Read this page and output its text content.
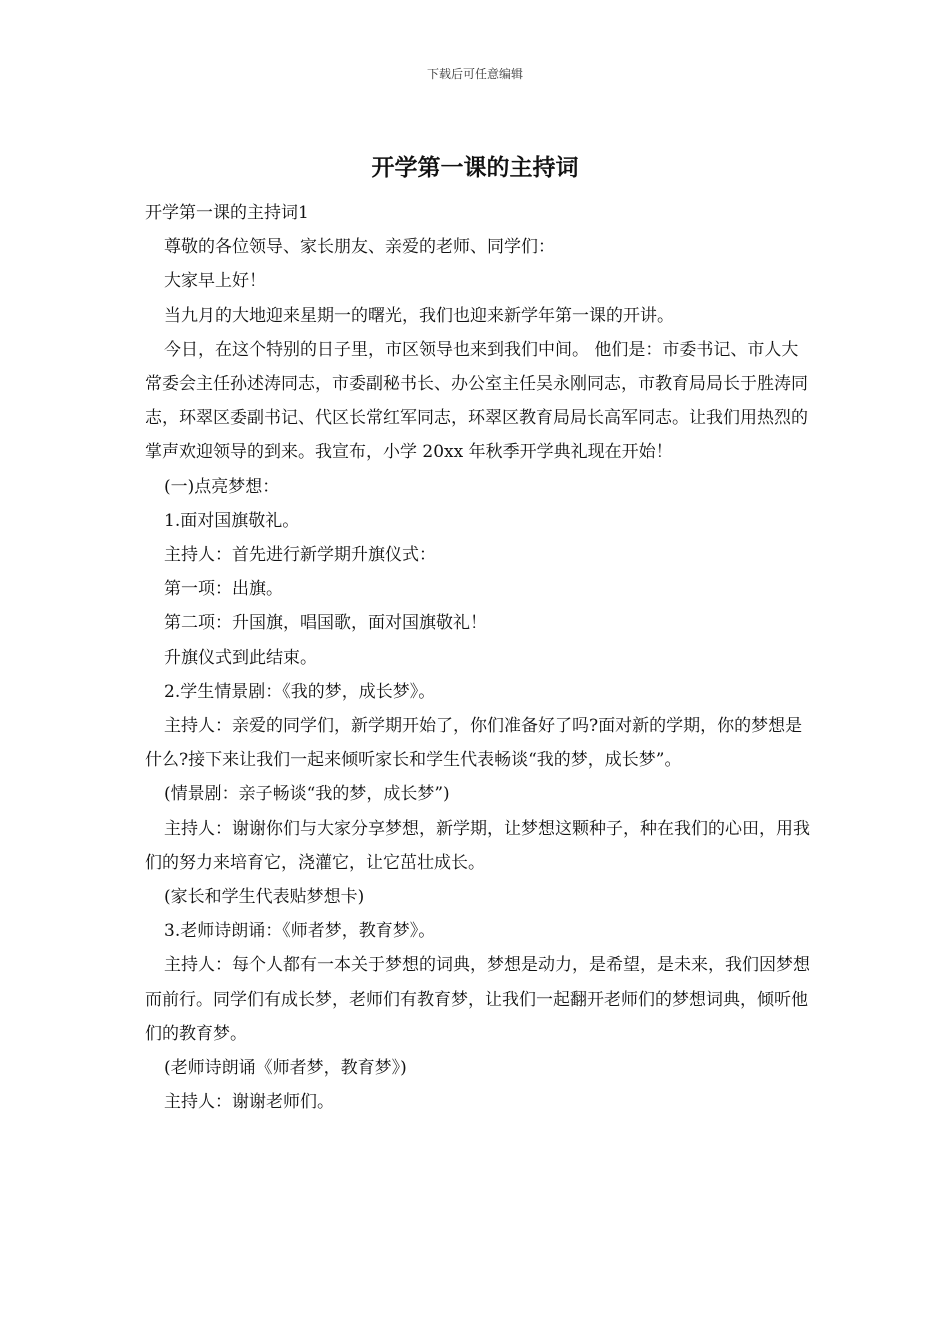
下载后可任意编辑
开学第一课的主持词

开学第一课的主持词1

尊敬的各位领导、家长朋友、亲爱的老师、同学们：

大家早上好！

当九月的大地迎来星期一的曙光，我们也迎来新学年第一课的开讲。

今日，在这个特别的日子里，市区领导也来到我们中间。 他们是：市委书记、市人大常委会主任孙述涛同志，市委副秘书长、办公室主任吴永刚同志，市教育局局长于胜涛同志，环翠区委副书记、代区长常红军同志，环翠区教育局局长高军同志。让我们用热烈的掌声欢迎领导的到来。我宣布，小学 20xx 年秋季开学典礼现在开始！

(一)点亮梦想：

1.面对国旗敬礼。

主持人：首先进行新学期升旗仪式：

第一项：出旗。

第二项：升国旗，唱国歌，面对国旗敬礼！

升旗仪式到此结束。

2.学生情景剧：《我的梦，成长梦》。

主持人：亲爱的同学们，新学期开始了，你们准备好了吗?面对新的学期，你的梦想是什么?接下来让我们一起来倾听家长和学生代表畅谈“我的梦，成长梦”。

(情景剧：亲子畅谈“我的梦，成长梦”)

主持人：谢谢你们与大家分享梦想，新学期，让梦想这颗种子，种在我们的心田，用我们的努力来培育它，浇灌它，让它茁壮成长。

(家长和学生代表贴梦想卡)

3.老师诗朗诵：《师者梦，教育梦》。

主持人：每个人都有一本关于梦想的词典，梦想是动力，是希望，是未来，我们因梦想而前行。同学们有成长梦，老师们有教育梦，让我们一起翻开老师们的梦想词典，倾听他们的教育梦。

(老师诗朗诵《师者梦，教育梦》)

主持人：谢谢老师们。
